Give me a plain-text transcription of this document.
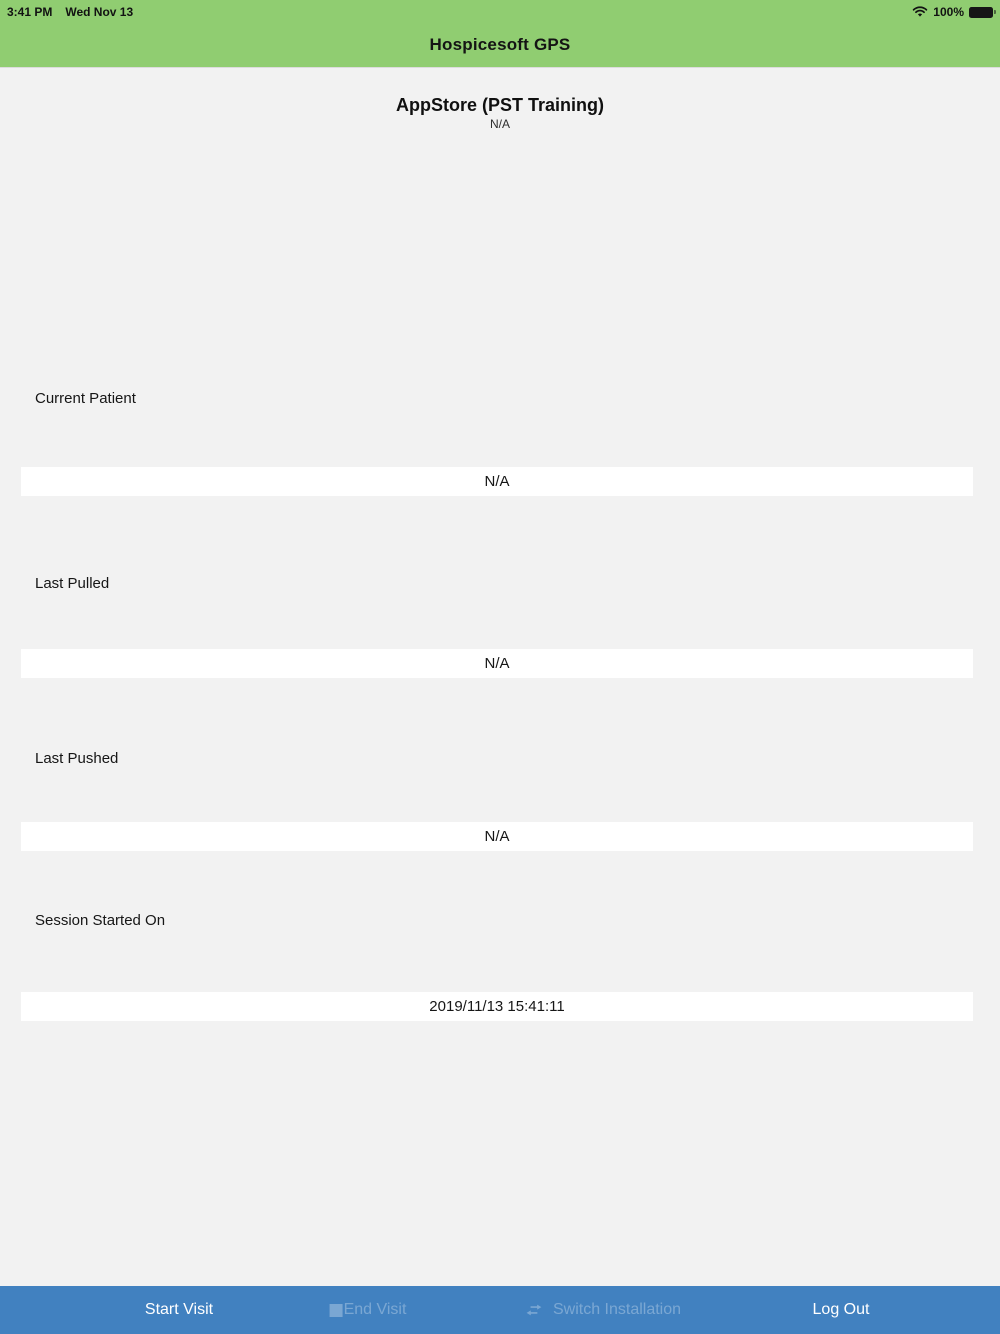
3:41 PM Wed Nov 13	100%
Hospicesoft GPS
AppStore (PST Training)
N/A
Current Patient
N/A
Last Pulled
N/A
Last Pushed
N/A
Session Started On
2019/11/13 15:41:11
Start Visit	End Visit	Switch Installation	Log Out
